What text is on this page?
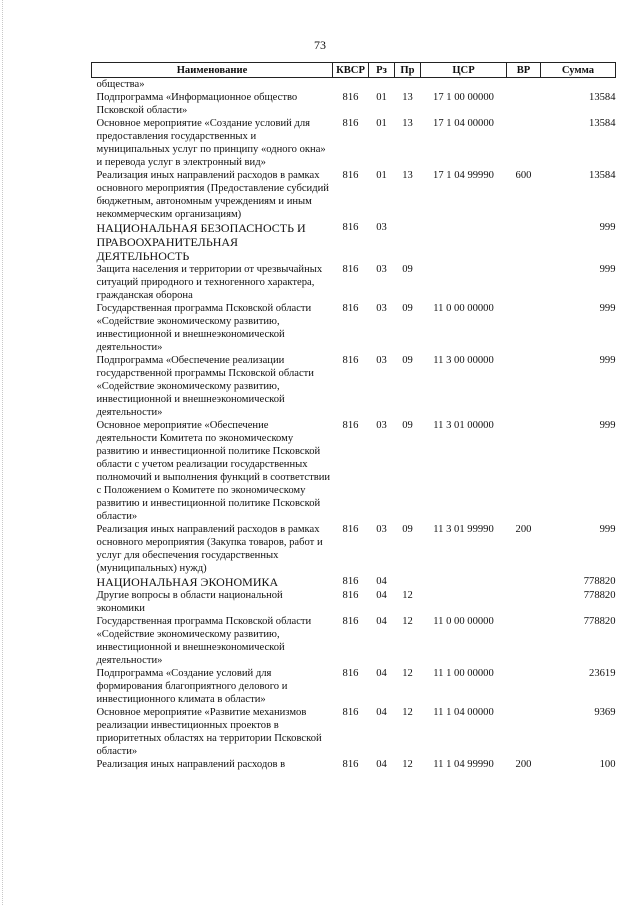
73
Наименование	КВСР	Рз	Пр	ЦСР	ВР	Сумма
общества»						
Подпрограмма «Информационное общество Псковской области»	816	01	13	17 1 00 00000		13584
Основное мероприятие «Создание условий для предоставления государственных и муниципальных услуг по принципу «одного окна» и перевода услуг в электронный вид»	816	01	13	17 1 04 00000		13584
Реализация иных направлений расходов в рамках основного мероприятия (Предоставление субсидий бюджетным, автономным учреждениям и иным некоммерческим организациям)	816	01	13	17 1 04 99990	600	13584
НАЦИОНАЛЬНАЯ БЕЗОПАСНОСТЬ И ПРАВООХРАНИТЕЛЬНАЯ ДЕЯТЕЛЬНОСТЬ	816	03				999
Защита населения и территории от чрезвычайных ситуаций природного и техногенного характера, гражданская оборона	816	03	09			999
Государственная программа Псковской области «Содействие экономическому развитию, инвестиционной и внешнеэкономической деятельности»	816	03	09	11 0 00 00000		999
Подпрограмма «Обеспечение реализации государственной программы Псковской области «Содействие экономическому развитию, инвестиционной и внешнеэкономической деятельности»	816	03	09	11 3 00 00000		999
Основное мероприятие «Обеспечение деятельности Комитета по экономическому развитию и инвестиционной политике Псковской области с учетом реализации государственных полномочий и выполнения функций в соответствии с Положением о Комитете по экономическому развитию и инвестиционной политике Псковской области»	816	03	09	11 3 01 00000		999
Реализация иных направлений расходов в рамках основного мероприятия (Закупка товаров, работ и услуг для обеспечения государственных (муниципальных) нужд)	816	03	09	11 3 01 99990	200	999
НАЦИОНАЛЬНАЯ ЭКОНОМИКА	816	04				778820
Другие вопросы в области национальной экономики	816	04	12			778820
Государственная программа Псковской области «Содействие экономическому развитию, инвестиционной и внешнеэкономической деятельности»	816	04	12	11 0 00 00000		778820
Подпрограмма «Создание условий для формирования благоприятного делового и инвестиционного климата в области»	816	04	12	11 1 00 00000		23619
Основное мероприятие «Развитие механизмов реализации инвестиционных проектов в приоритетных областях на территории Псковской области»	816	04	12	11 1 04 00000		9369
Реализация иных направлений расходов в	816	04	12	11 1 04 99990	200	100
